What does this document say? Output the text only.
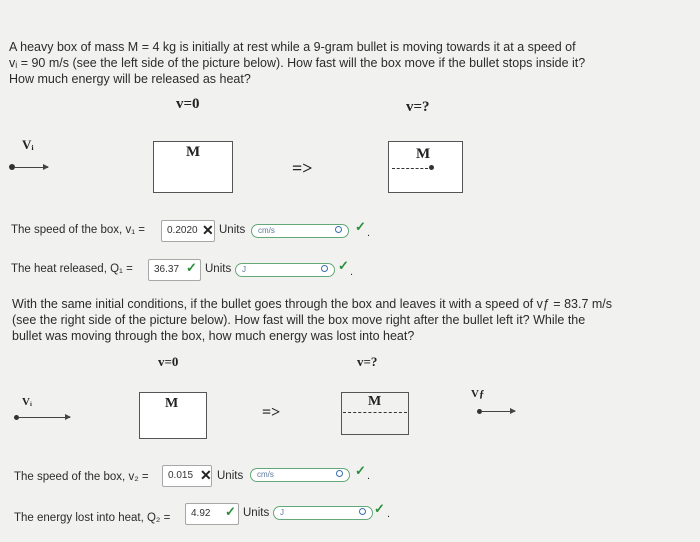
A heavy box of mass M = 4 kg is initially at rest while a 9-gram bullet is moving towards it at a speed of
vᵢ = 90 m/s (see the left side of the picture below). How fast will the box move if the bullet stops inside it?
How much energy will be released as heat?
v=0	v=?
Vᵢ	M
=>
M
The speed of the box, v₁ =	0.2020 ✕ Units	cm/s	✓ .
The heat released, Q₁ =	36.37 ✓ Units	J	✓ .
With the same initial conditions, if the bullet goes through the box and leaves it with a speed of vƒ = 83.7 m/s
(see the right side of the picture below). How fast will the box move right after the bullet left it? While the
bullet was moving through the box, how much energy was lost into heat?
v=0	v=?
Vᵢ	M
=>
M	Vƒ
The speed of the box, v₂ =	0.015 ✕ Units	cm/s	✓ .
The energy lost into heat, Q₂ =	4.92	✓ Units	J	✓ .
